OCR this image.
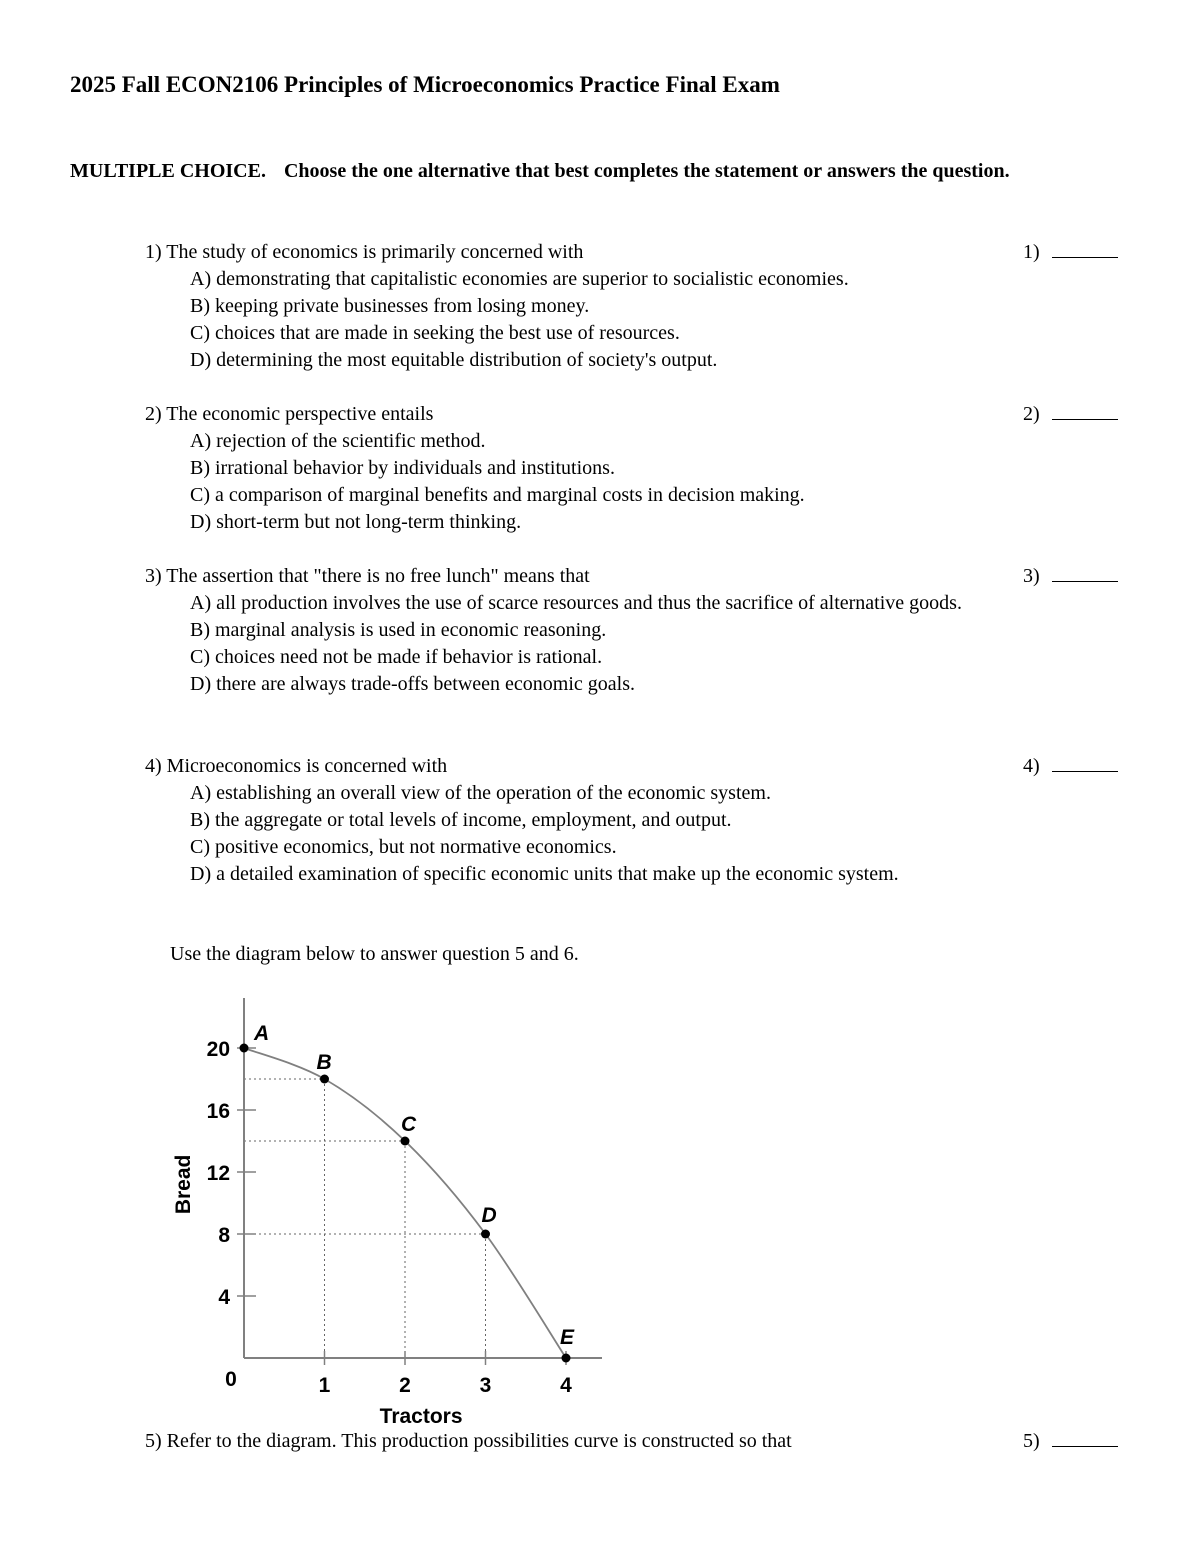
2025 Fall ECON2106 Principles of Microeconomics Practice Final Exam
MULTIPLE CHOICE. Choose the one alternative that best completes the statement or answers the question.
1) The study of economics is primarily concerned with	1)
A) demonstrating that capitalistic economies are superior to socialistic economies.
B) keeping private businesses from losing money.
C) choices that are made in seeking the best use of resources.
D) determining the most equitable distribution of society's output.
2) The economic perspective entails	2)
A) rejection of the scientific method.
B) irrational behavior by individuals and institutions.
C) a comparison of marginal benefits and marginal costs in decision making.
D) short-term but not long-term thinking.
3) The assertion that "there is no free lunch" means that	3)
A) all production involves the use of scarce resources and thus the sacrifice of alternative goods.
B) marginal analysis is used in economic reasoning.
C) choices need not be made if behavior is rational.
D) there are always trade-offs between economic goals.
4) Microeconomics is concerned with	4)
A) establishing an overall view of the operation of the economic system.
B) the aggregate or total levels of income, employment, and output.
C) positive economics, but not normative economics.
D) a detailed examination of specific economic units that make up the economic system.
Use the diagram below to answer question 5 and 6.
4
8
12
16
20
1	2	3	4
0
Tractors
Bread
A
B
C
D
E
5) Refer to the diagram. This production possibilities curve is constructed so that	5)
